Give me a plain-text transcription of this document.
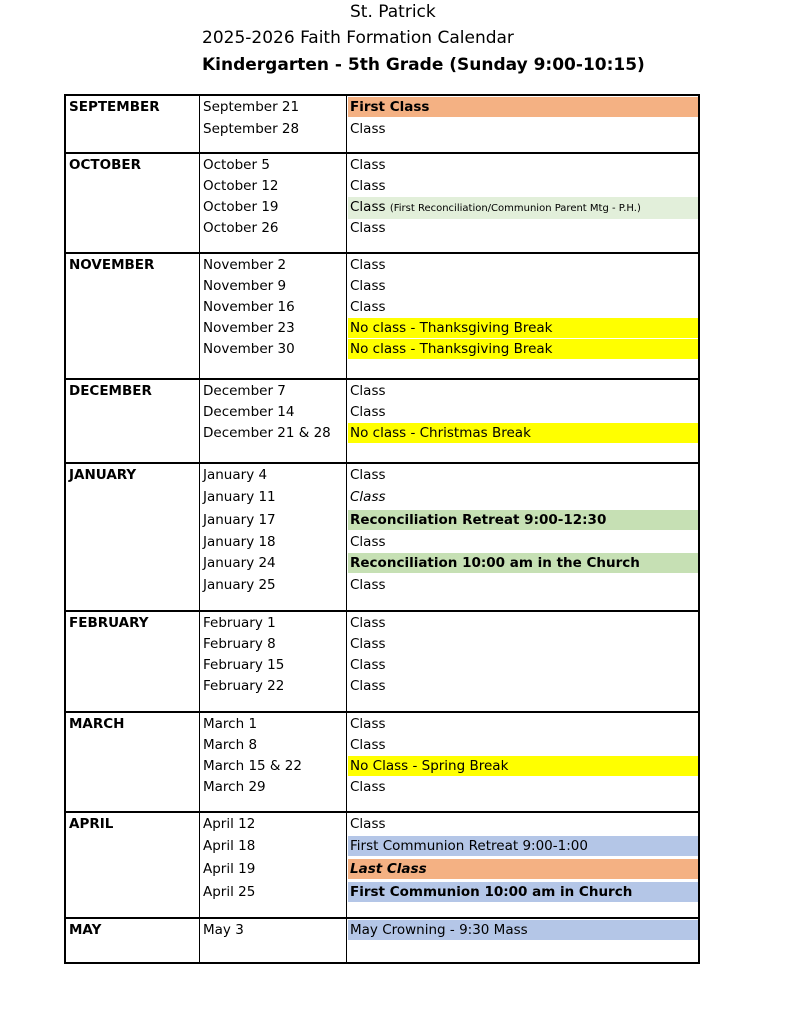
St. Patrick
2025-2026 Faith Formation Calendar
Kindergarten - 5th Grade (Sunday 9:00-10:15)
SEPTEMBER	September 21	First Class
September 28	Class
OCTOBER	October 5	Class
October 12	Class
October 19	Class (First Reconciliation/Communion Parent Mtg - P.H.)
October 26	Class
NOVEMBER	November 2	Class
November 9	Class
November 16	Class
November 23	No class - Thanksgiving Break
November 30	No class - Thanksgiving Break
DECEMBER	December 7	Class
December 14	Class
December 21 & 28 No class - Christmas Break
JANUARY	January 4	Class
January 11	Class
January 17	Reconciliation Retreat 9:00-12:30
January 18	Class
January 24	Reconciliation 10:00 am in the Church
January 25	Class
FEBRUARY	February 1	Class
February 8	Class
February 15	Class
February 22	Class
MARCH	March 1	Class
March 8	Class
March 15 & 22	No Class - Spring Break
March 29	Class
APRIL	April 12	Class
April 18	First Communion Retreat 9:00-1:00
April 19	Last Class
April 25	First Communion 10:00 am in Church
MAY	May 3	May Crowning - 9:30 Mass
